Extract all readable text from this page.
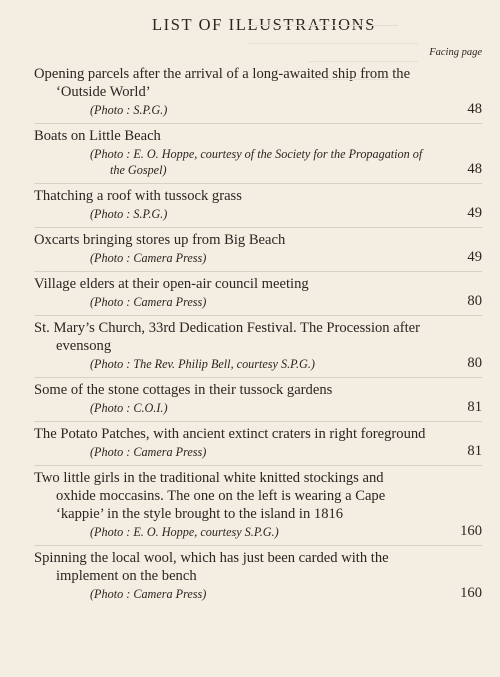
LIST OF ILLUSTRATIONS
Facing page
Opening parcels after the arrival of a long-awaited ship from the ‘Outside World’
(Photo : S.P.G.)	48
Boats on Little Beach
(Photo : E. O. Hoppe, courtesy of the Society for the Propagation of the Gospel)	48
Thatching a roof with tussock grass
(Photo : S.P.G.)	49
Oxcarts bringing stores up from Big Beach
(Photo : Camera Press)	49
Village elders at their open-air council meeting
(Photo : Camera Press)	80
St. Mary’s Church, 33rd Dedication Festival. The Procession after evensong
(Photo : The Rev. Philip Bell, courtesy S.P.G.)	80
Some of the stone cottages in their tussock gardens
(Photo : C.O.I.)	81
The Potato Patches, with ancient extinct craters in right foreground
(Photo : Camera Press)	81
Two little girls in the traditional white knitted stockings and oxhide moccasins. The one on the left is wearing a Cape ‘kappie’ in the style brought to the island in 1816
(Photo : E. O. Hoppe, courtesy S.P.G.)	160
Spinning the local wool, which has just been carded with the implement on the bench
(Photo : Camera Press)	160
